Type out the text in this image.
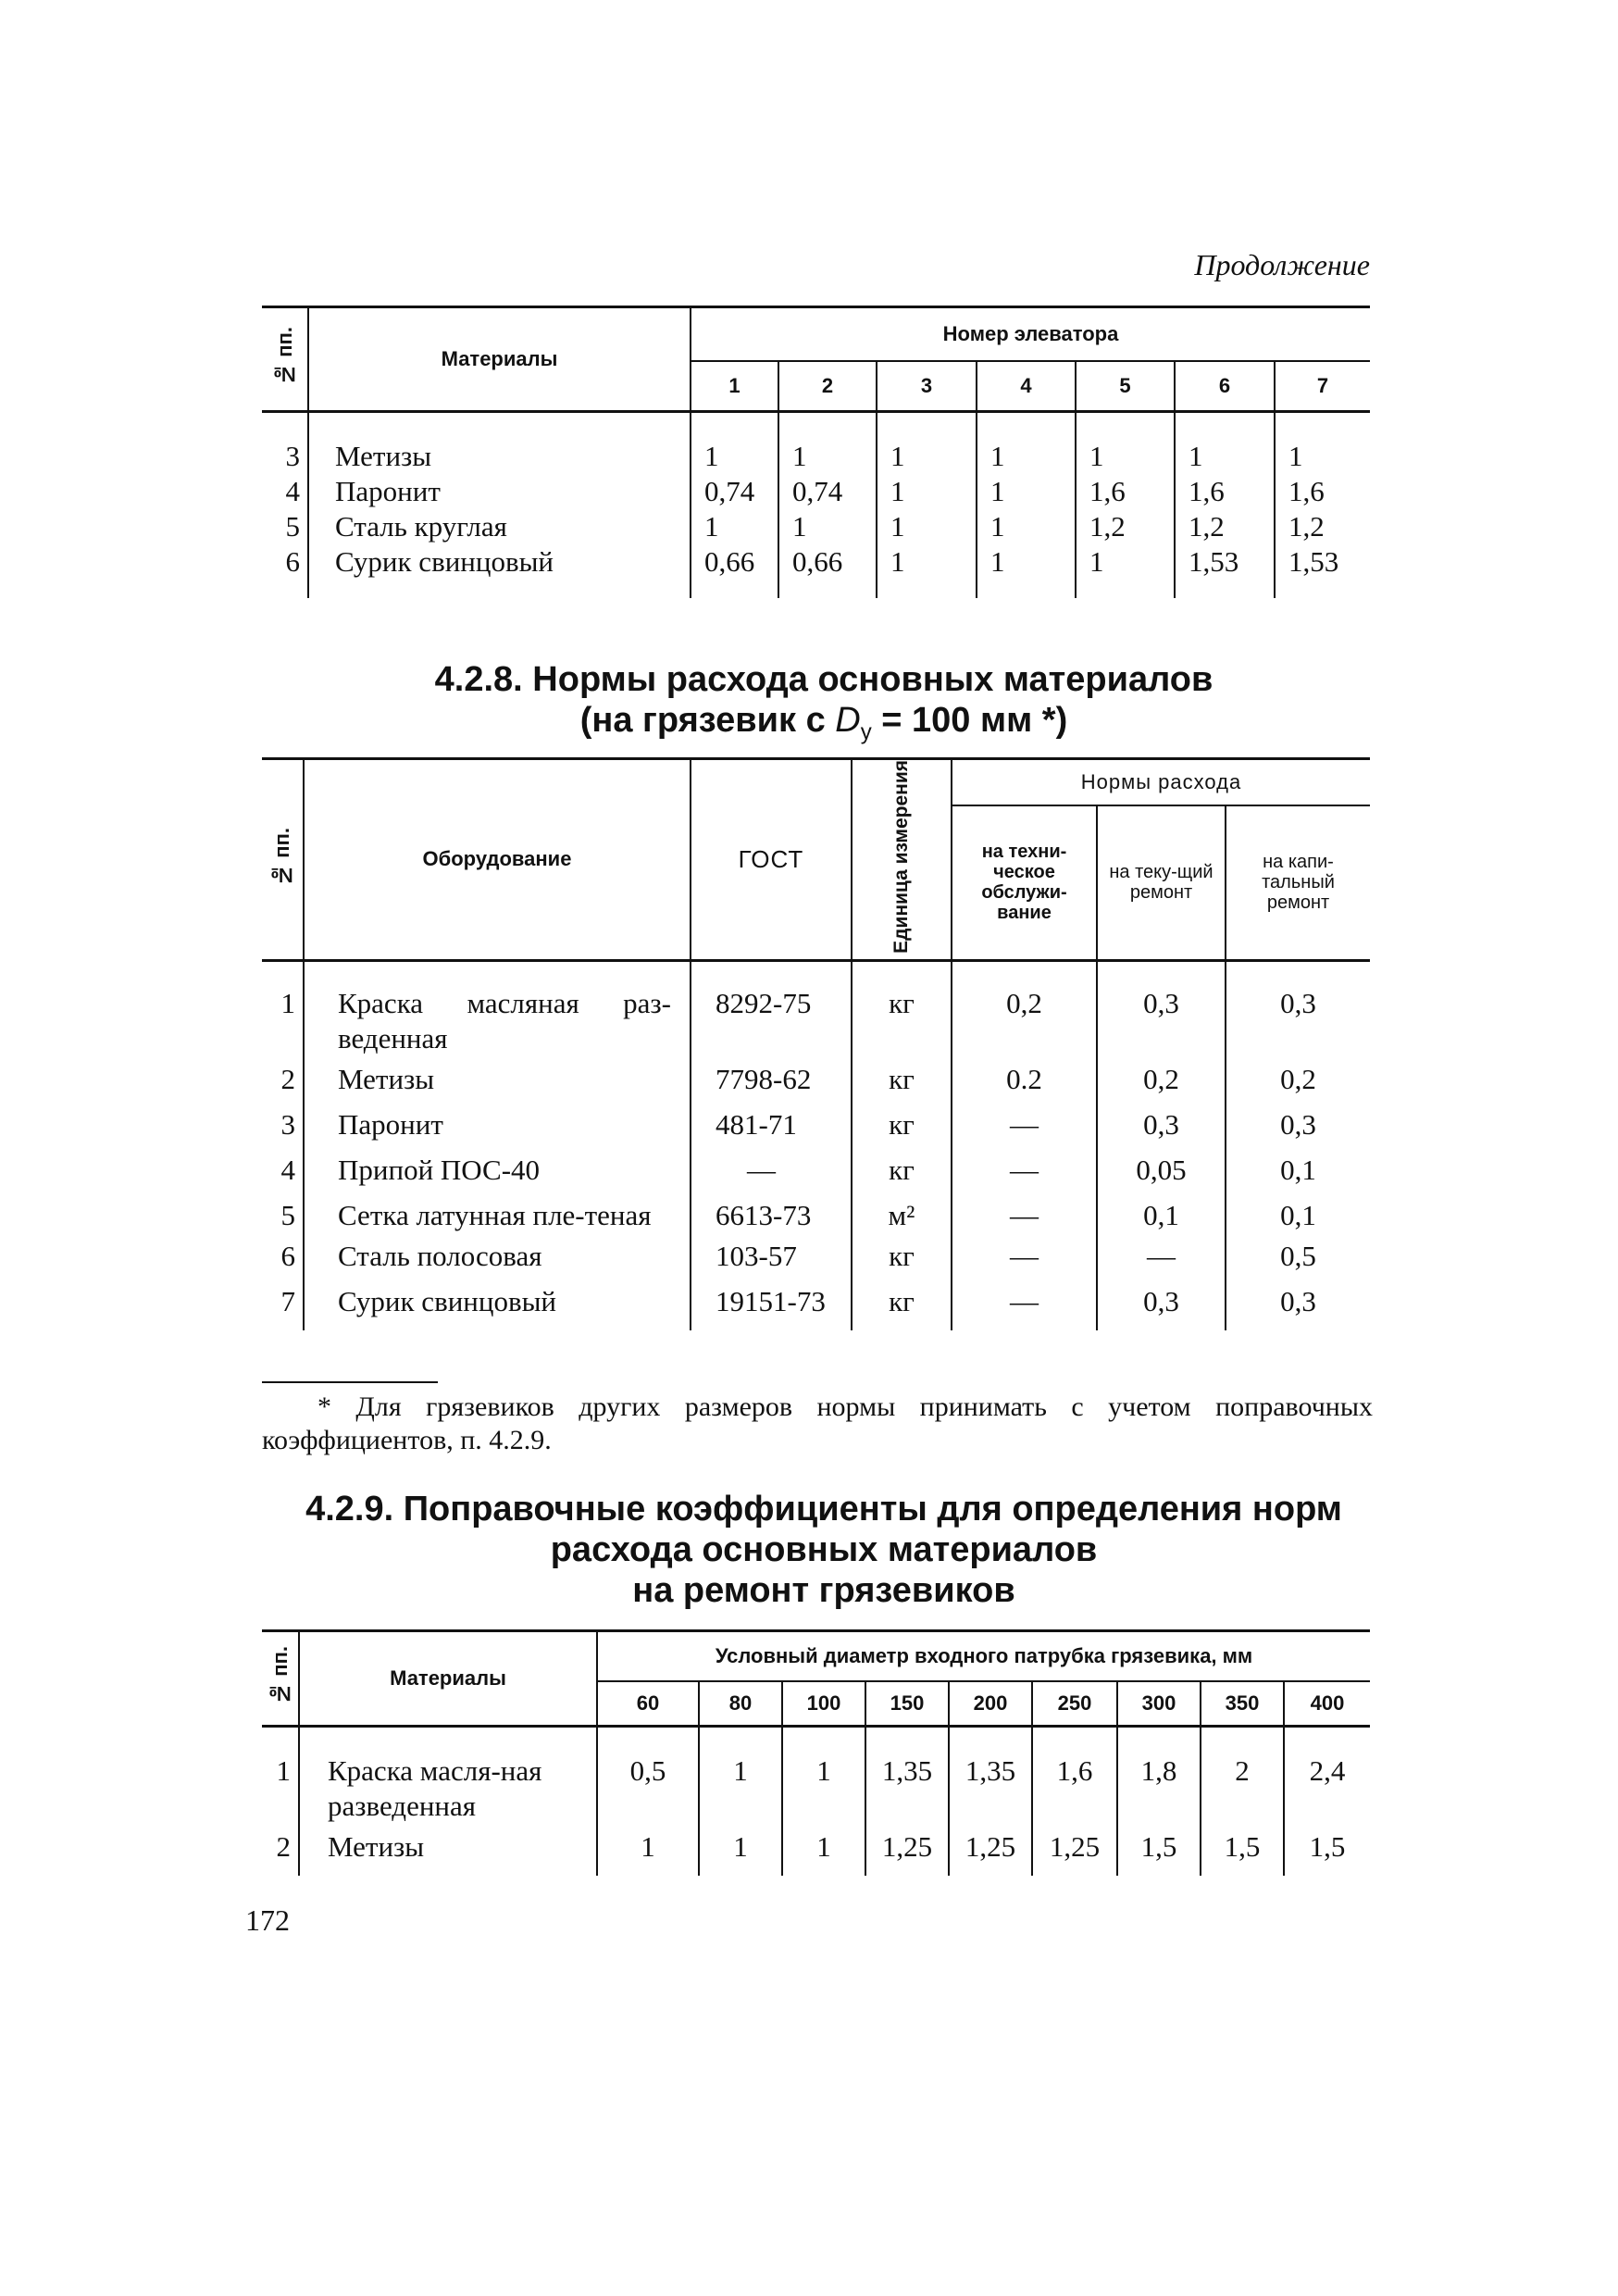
Продолжение
№ пп.	Материалы	Номер элеватора						
		1	2	3	4	5	6	7
3	Метизы	1	1	1	1	1	1	1
4	Паронит	0,74	0,74	1	1	1,6	1,6	1,6
5	Сталь круглая	1	1	1	1	1,2	1,2	1,2
6	Сурик свинцовый	0,66	0,66	1	1	1	1,53	1,53
4.2.8. Нормы расхода основных материалов
(на грязевик с $D_у = 100$ мм *)
№ пп.	Оборудование	ГОСТ	Единица измерения	Нормы расхода		
				на техни-ческое обслужи-вание	на теку-щий ремонт	на капи-тальный ремонт
1	Краска масляная раз-веденная	8292-75	кг	0,2	0,3	0,3
2	Метизы	7798-62	кг	0.2	0,2	0,2
3	Паронит	481-71	кг	—	0,3	0,3
4	Припой ПОС-40	—	кг	—	0,05	0,1
5	Сетка латунная пле-теная	6613-73	м²	—	0,1	0,1
6	Сталь полосовая	103-57	кг	—	—	0,5
7	Сурик свинцовый	19151-73	кг	—	0,3	0,3
* Для грязевиков других размеров нормы принимать с учетом поправочных коэффициентов, п. 4.2.9.
4.2.9. Поправочные коэффициенты для определения норм
расхода основных материалов
на ремонт грязевиков
№ пп.	Материалы	Условный диаметр входного патрубка грязевика, мм								
		60	80	100	150	200	250	300	350	400
1	Краска масля-ная разведенная	0,5	1	1	1,35	1,35	1,6	1,8	2	2,4
2	Метизы	1	1	1	1,25	1,25	1,25	1,5	1,5	1,5
172
